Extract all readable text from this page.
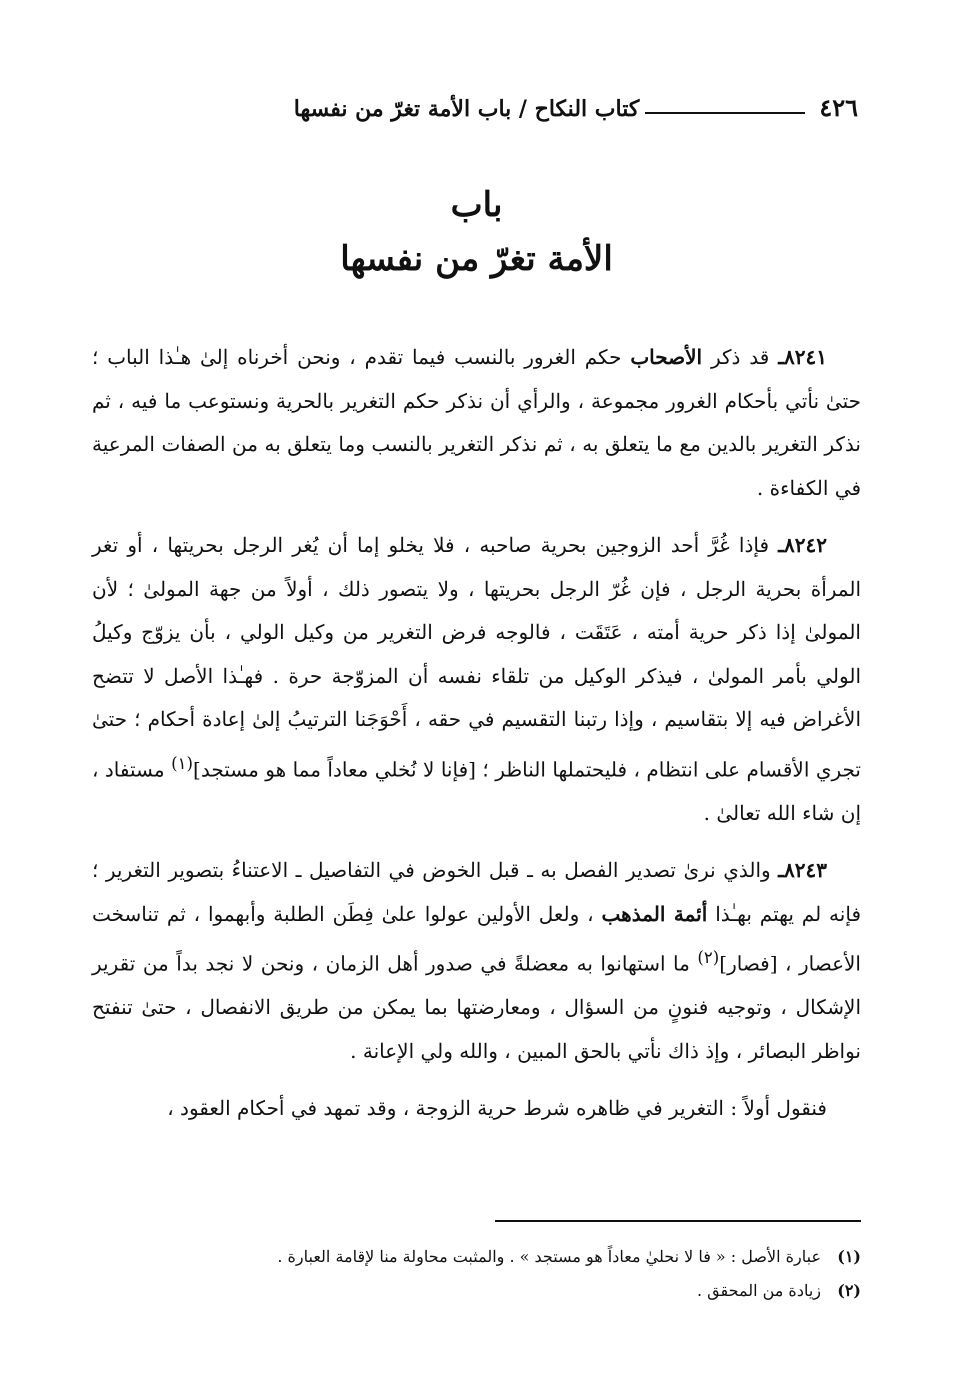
٤٢٦
كتاب النكاح / باب الأمة تغرّ من نفسها
باب
الأمة تغرّ من نفسها

٨٢٤١ـ قد ذكر الأصحاب حكم الغرور بالنسب فيما تقدم ، ونحن أخرناه إلىٰ هـٰذا الباب ؛ حتىٰ نأتي بأحكام الغرور مجموعة ، والرأي أن نذكر حكم التغرير بالحرية ونستوعب ما فيه ، ثم نذكر التغرير بالدين مع ما يتعلق به ، ثم نذكر التغرير بالنسب وما يتعلق به من الصفات المرعية في الكفاءة .

٨٢٤٢ـ فإذا غُرَّ أحد الزوجين بحرية صاحبه ، فلا يخلو إما أن يُغر الرجل بحريتها ، أو تغر المرأة بحرية الرجل ، فإن غُرّ الرجل بحريتها ، ولا يتصور ذلك ، أولاً من جهة المولىٰ ؛ لأن المولىٰ إذا ذكر حرية أمته ، عَتَقَت ، فالوجه فرض التغرير من وكيل الولي ، بأن يزوّج وكيلُ الولي بأمر المولىٰ ، فيذكر الوكيل من تلقاء نفسه أن المزوّجة حرة . فهـٰذا الأصل لا تتضح الأغراض فيه إلا بتقاسيم ، وإذا رتبنا التقسيم في حقه ، أَحْوَجَنا الترتيبُ إلىٰ إعادة أحكام ؛ حتىٰ تجري الأقسام على انتظام ، فليحتملها الناظر ؛ [فإنا لا نُخلي معاداً مما هو مستجد]$^{(١)}$ مستفاد ، إن شاء الله تعالىٰ .

٨٢٤٣ـ والذي نرىٰ تصدير الفصل به ـ قبل الخوض في التفاصيل ـ الاعتناءُ بتصوير التغرير ؛ فإنه لم يهتم بهـٰذا أئمة المذهب ، ولعل الأولين عولوا علىٰ فِطَن الطلبة وأبهموا ، ثم تناسخت الأعصار ، [فصار]$^{(٢)}$ ما استهانوا به معضلةً في صدور أهل الزمان ، ونحن لا نجد بداً من تقرير الإشكال ، وتوجيه فنونٍ من السؤال ، ومعارضتها بما يمكن من طريق الانفصال ، حتىٰ تنفتح نواظر البصائر ، وإذ ذاك نأتي بالحق المبين ، والله ولي الإعانة .

فنقول أولاً : التغرير في ظاهره شرط حرية الزوجة ، وقد تمهد في أحكام العقود ،

(١)
عبارة الأصل : « فا لا نحليٰ معاداً هو مستجد » . والمثبت محاولة منا لإقامة العبارة .
(٢)
زيادة من المحقق .
